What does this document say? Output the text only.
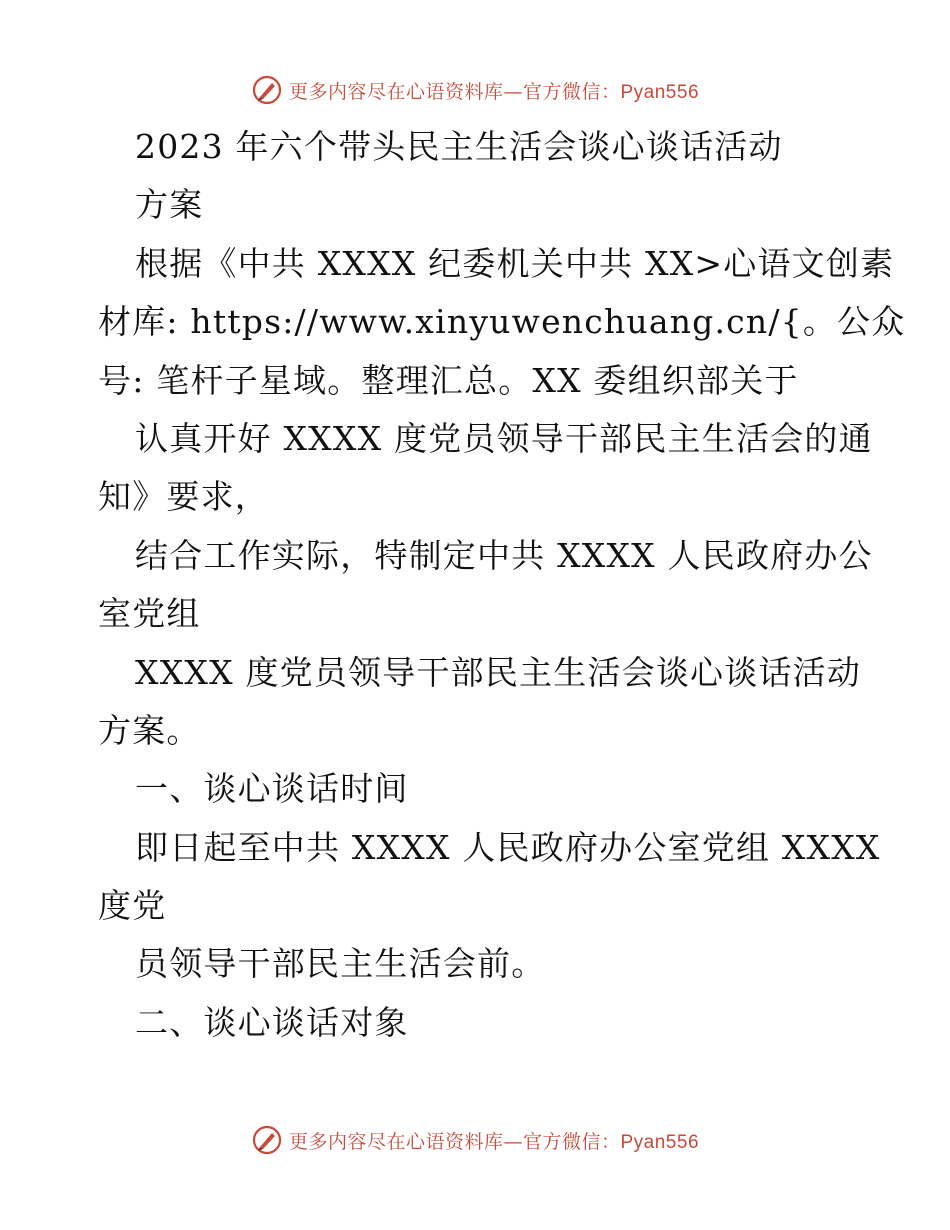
更多内容尽在心语资料库—官方微信：Pyan556
2023 年六个带头民主生活会谈心谈话活动
方案
根据《中共 XXXX 纪委机关中共 XX>心语文创素
材库: https://www.xinyuwenchuang.cn/{。公众
号: 笔杆子星域。整理汇总。XX 委组织部关于
认真开好 XXXX 度党员领导干部民主生活会的通
知》要求，
结合工作实际，特制定中共 XXXX 人民政府办公
室党组
XXXX 度党员领导干部民主生活会谈心谈话活动
方案。
一、谈心谈话时间
即日起至中共 XXXX 人民政府办公室党组 XXXX
度党
员领导干部民主生活会前。
二、谈心谈话对象
更多内容尽在心语资料库—官方微信：Pyan556
